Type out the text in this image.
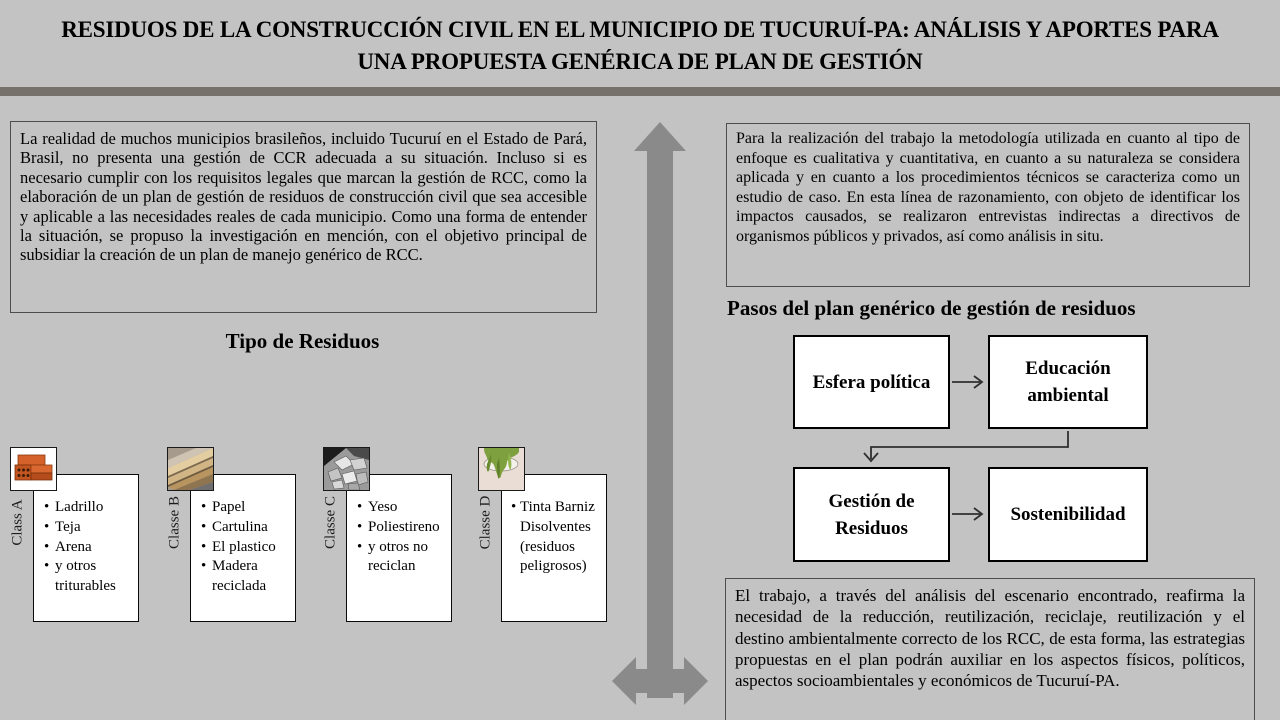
RESIDUOS DE LA CONSTRUCCIÓN CIVIL EN EL MUNICIPIO DE TUCURUÍ-PA: ANÁLISIS Y APORTES PARA
UNA PROPUESTA GENÉRICA DE PLAN DE GESTIÓN
La realidad de muchos municipios brasileños, incluido Tucuruí en el Estado de Pará, Brasil, no presenta una gestión de CCR adecuada a su situación. Incluso si es necesario cumplir con los requisitos legales que marcan la gestión de RCC, como la elaboración de un plan de gestión de residuos de construcción civil que sea accesible y aplicable a las necesidades reales de cada municipio. Como una forma de entender la situación, se propuso la investigación en mención, con el objetivo principal de subsidiar la creación de un plan de manejo genérico de RCC.
Tipo de Residuos
Class A	• Ladrillo
• Teja
• Arena
• y otros triturables
Classe B	• Papel
• Cartulina
• El plastico
• Madera reciclada
Classe C	• Yeso
• Poliestireno
• y otros no reciclan
Classe D	• Tinta Barniz Disolventes (residuos peligrosos)
Para la realización del trabajo la metodología utilizada en cuanto al tipo de enfoque es cualitativa y cuantitativa, en cuanto a su naturaleza se considera aplicada y en cuanto a los procedimientos técnicos se caracteriza como un estudio de caso. En esta línea de razonamiento, con objeto de identificar los impactos causados, se realizaron entrevistas indirectas a directivos de organismos públicos y privados, así como análisis in situ.
Pasos del plan genérico de gestión de residuos
Esfera política
Educación ambiental
Gestión de Residuos
Sostenibilidad
El trabajo, a través del análisis del escenario encontrado, reafirma la necesidad de la reducción, reutilización, reciclaje, reutilización y el destino ambientalmente correcto de los RCC, de esta forma, las estrategias propuestas en el plan podrán auxiliar en los aspectos físicos, políticos, aspectos socioambientales y económicos de Tucuruí-PA.
